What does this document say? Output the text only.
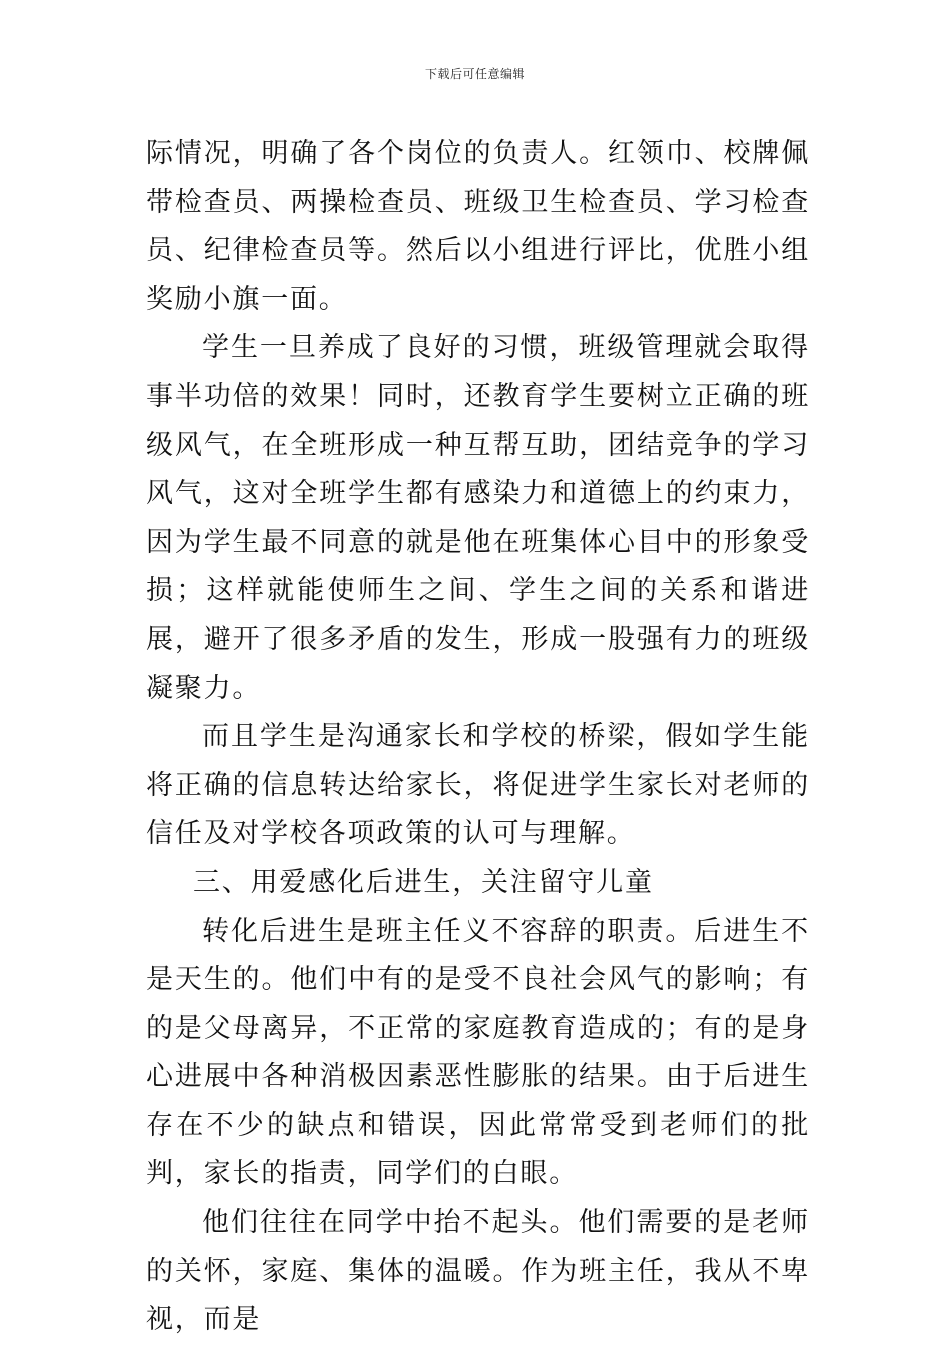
下载后可任意编辑

际情况，明确了各个岗位的负责人。红领巾、校牌佩带检查员、两操检查员、班级卫生检查员、学习检查员、纪律检查员等。然后以小组进行评比，优胜小组奖励小旗一面。

学生一旦养成了良好的习惯，班级管理就会取得事半功倍的效果！同时，还教育学生要树立正确的班级风气，在全班形成一种互帮互助，团结竞争的学习风气，这对全班学生都有感染力和道德上的约束力，因为学生最不同意的就是他在班集体心目中的形象受损；这样就能使师生之间、学生之间的关系和谐进展，避开了很多矛盾的发生，形成一股强有力的班级凝聚力。

而且学生是沟通家长和学校的桥梁，假如学生能将正确的信息转达给家长，将促进学生家长对老师的信任及对学校各项政策的认可与理解。

三、用爱感化后进生，关注留守儿童

转化后进生是班主任义不容辞的职责。后进生不是天生的。他们中有的是受不良社会风气的影响；有的是父母离异，不正常的家庭教育造成的；有的是身心进展中各种消极因素恶性膨胀的结果。由于后进生存在不少的缺点和错误，因此常常受到老师们的批判，家长的指责，同学们的白眼。

他们往往在同学中抬不起头。他们需要的是老师的关怀，家庭、集体的温暖。作为班主任，我从不卑视，而是
